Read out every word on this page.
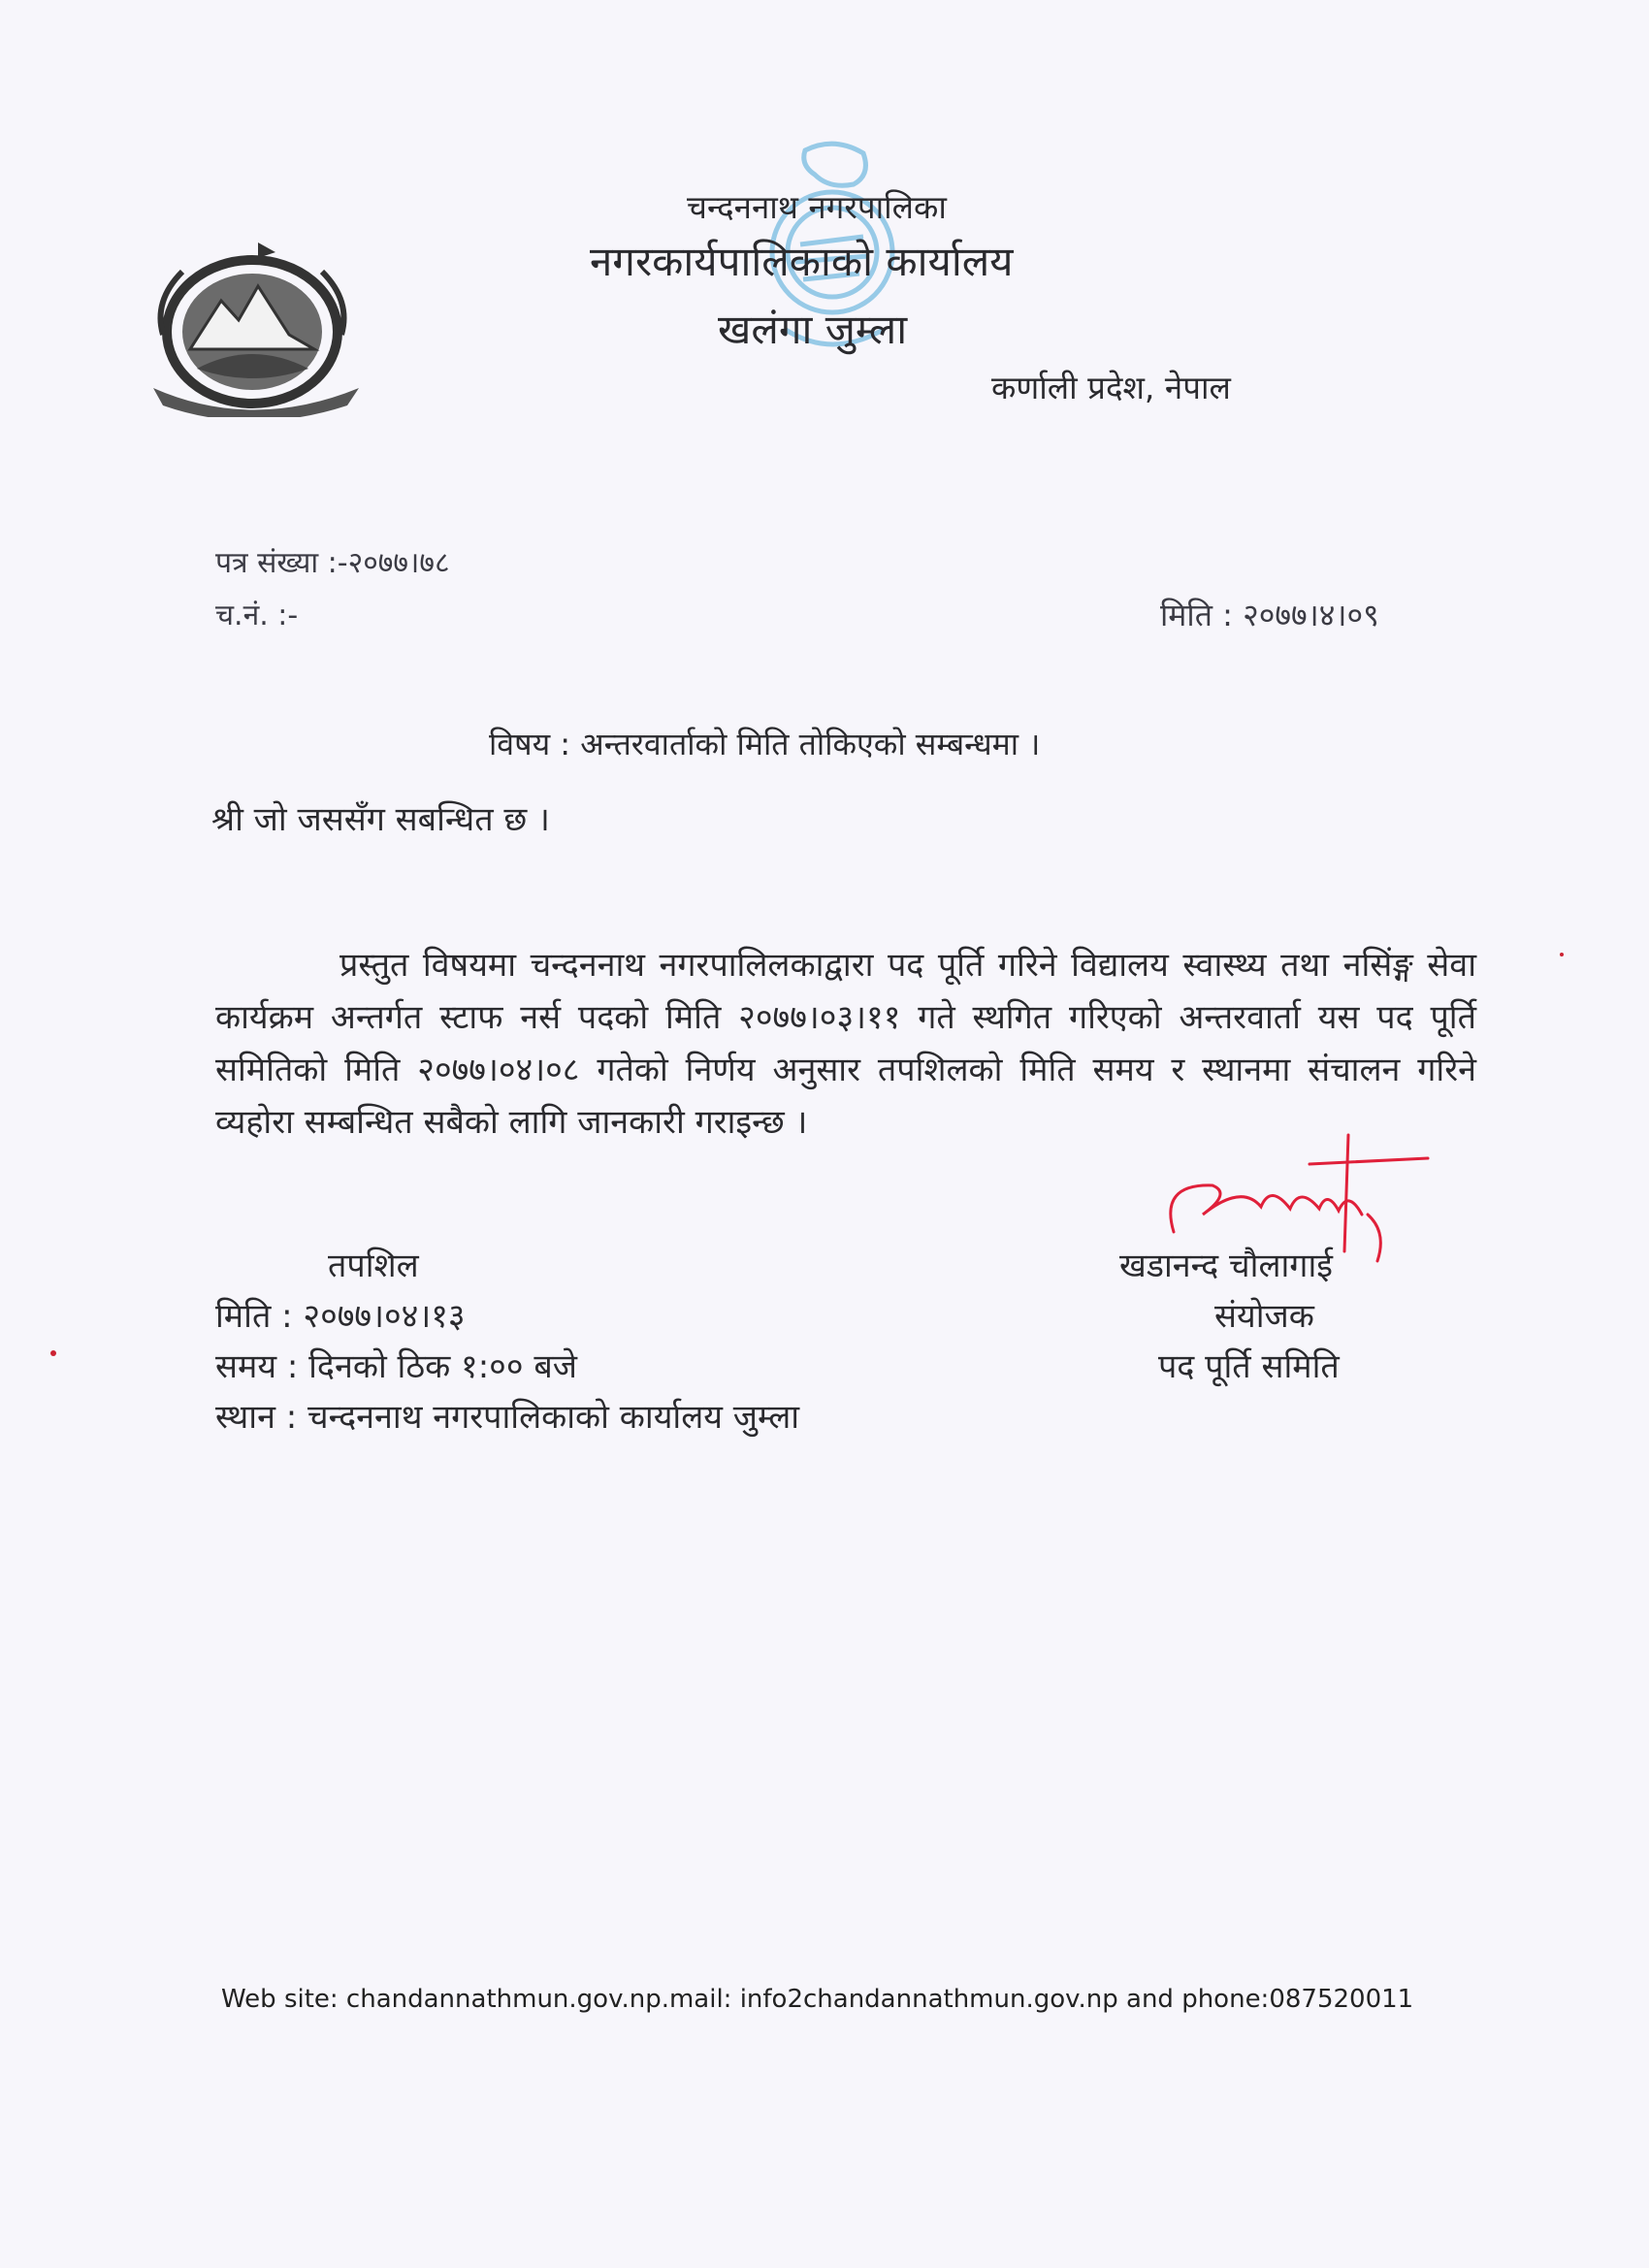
चन्दननाथ नगरपालिका
नगरकार्यपालिकाको कार्यालय
खलंगा जुम्ला
कर्णाली प्रदेश, नेपाल
पत्र संख्या :-२०७७।७८
च.नं. :-	मिति : २०७७।४।०९
विषय : अन्तरवार्ताको मिति तोकिएको सम्बन्धमा ।
श्री जो जससँग सबन्धित छ ।
प्रस्तुत विषयमा चन्दननाथ नगरपालिलकाद्वारा पद पूर्ति गरिने विद्यालय स्वास्थ्य तथा नसिंङ्ग सेवा कार्यक्रम अन्तर्गत स्टाफ नर्स पदको मिति २०७७।०३।११ गते स्थगित गरिएको अन्तरवार्ता यस पद पूर्ति समितिको मिति २०७७।०४।०८ गतेको निर्णय अनुसार तपशिलको मिति समय र स्थानमा संचालन गरिने व्यहोरा सम्बन्धित सबैको लागि जानकारी गराइन्छ ।
तपशिल
मिति : २०७७।०४।१३
समय : दिनको ठिक १:०० बजे
स्थान : चन्दननाथ नगरपालिकाको कार्यालय जुम्ला
खडानन्द चौलागाई
संयोजक
पद पूर्ति समिति
Web site: chandannathmun.gov.np.mail: info2chandannathmun.gov.np and phone:087520011
